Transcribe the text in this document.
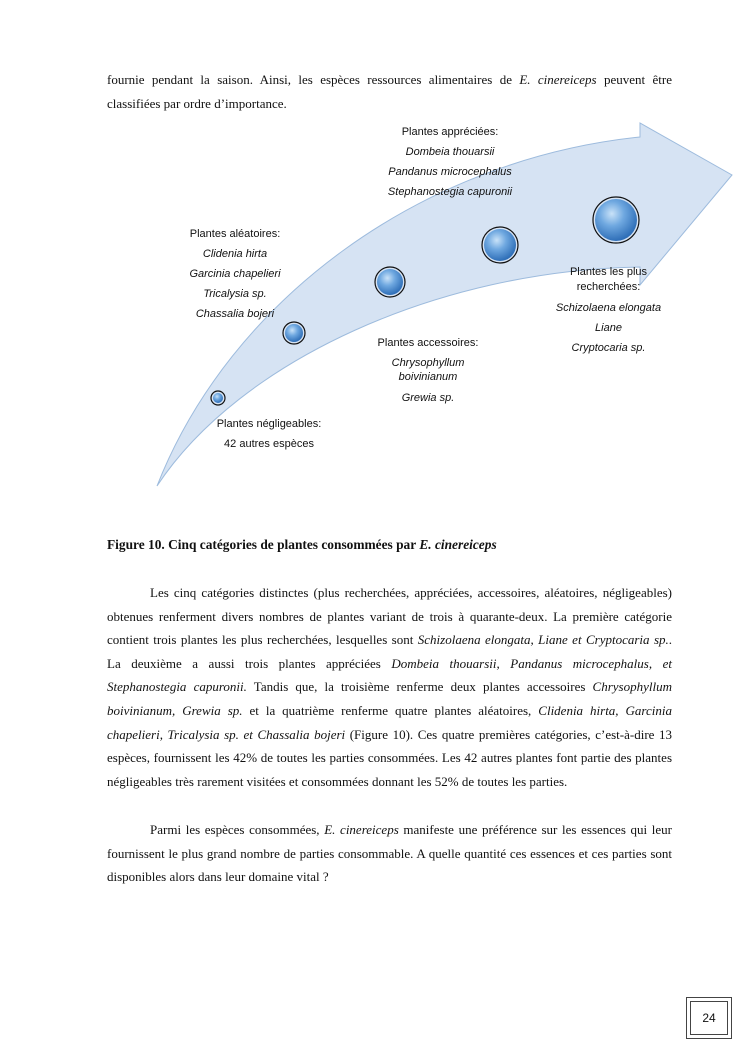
fournie pendant la saison. Ainsi, les espèces ressources alimentaires de E. cinereiceps peuvent être classifiées par ordre d’importance.
Plantes appréciées:
Dombeia thouarsii
Pandanus microcephalus
Stephanostegia capuronii
Plantes aléatoires:
Clidenia hirta
Garcinia chapelieri
Tricalysia sp.
Chassalia bojeri
Plantes les plus recherchées:
Schizolaena elongata
Liane
Cryptocaria sp.
Plantes accessoires:
Chrysophyllum boivinianum
Grewia sp.
Plantes négligeables:
42 autres espèces
Figure 10. Cinq catégories de plantes consommées par E. cinereiceps
Les cinq catégories distinctes (plus recherchées, appréciées, accessoires, aléatoires, négligeables) obtenues renferment divers nombres de plantes variant de trois à quarante-deux. La première catégorie contient trois plantes les plus recherchées, lesquelles sont Schizolaena elongata, Liane et Cryptocaria sp.. La deuxième a aussi trois plantes appréciées Dombeia thouarsii, Pandanus microcephalus, et Stephanostegia capuronii. Tandis que, la troisième renferme deux plantes accessoires Chrysophyllum boivinianum, Grewia sp. et la quatrième renferme quatre plantes aléatoires, Clidenia hirta, Garcinia chapelieri, Tricalysia sp. et Chassalia bojeri (Figure 10). Ces quatre premières catégories, c’est-à-dire 13 espèces, fournissent les 42% de toutes les parties consommées. Les 42 autres plantes font partie des plantes négligeables très rarement visitées et consommées donnant les 52% de toutes les parties.
Parmi les espèces consommées, E. cinereiceps manifeste une préférence sur les essences qui leur fournissent le plus grand nombre de parties consommable. A quelle quantité ces essences et ces parties sont disponibles alors dans leur domaine vital ?
24
